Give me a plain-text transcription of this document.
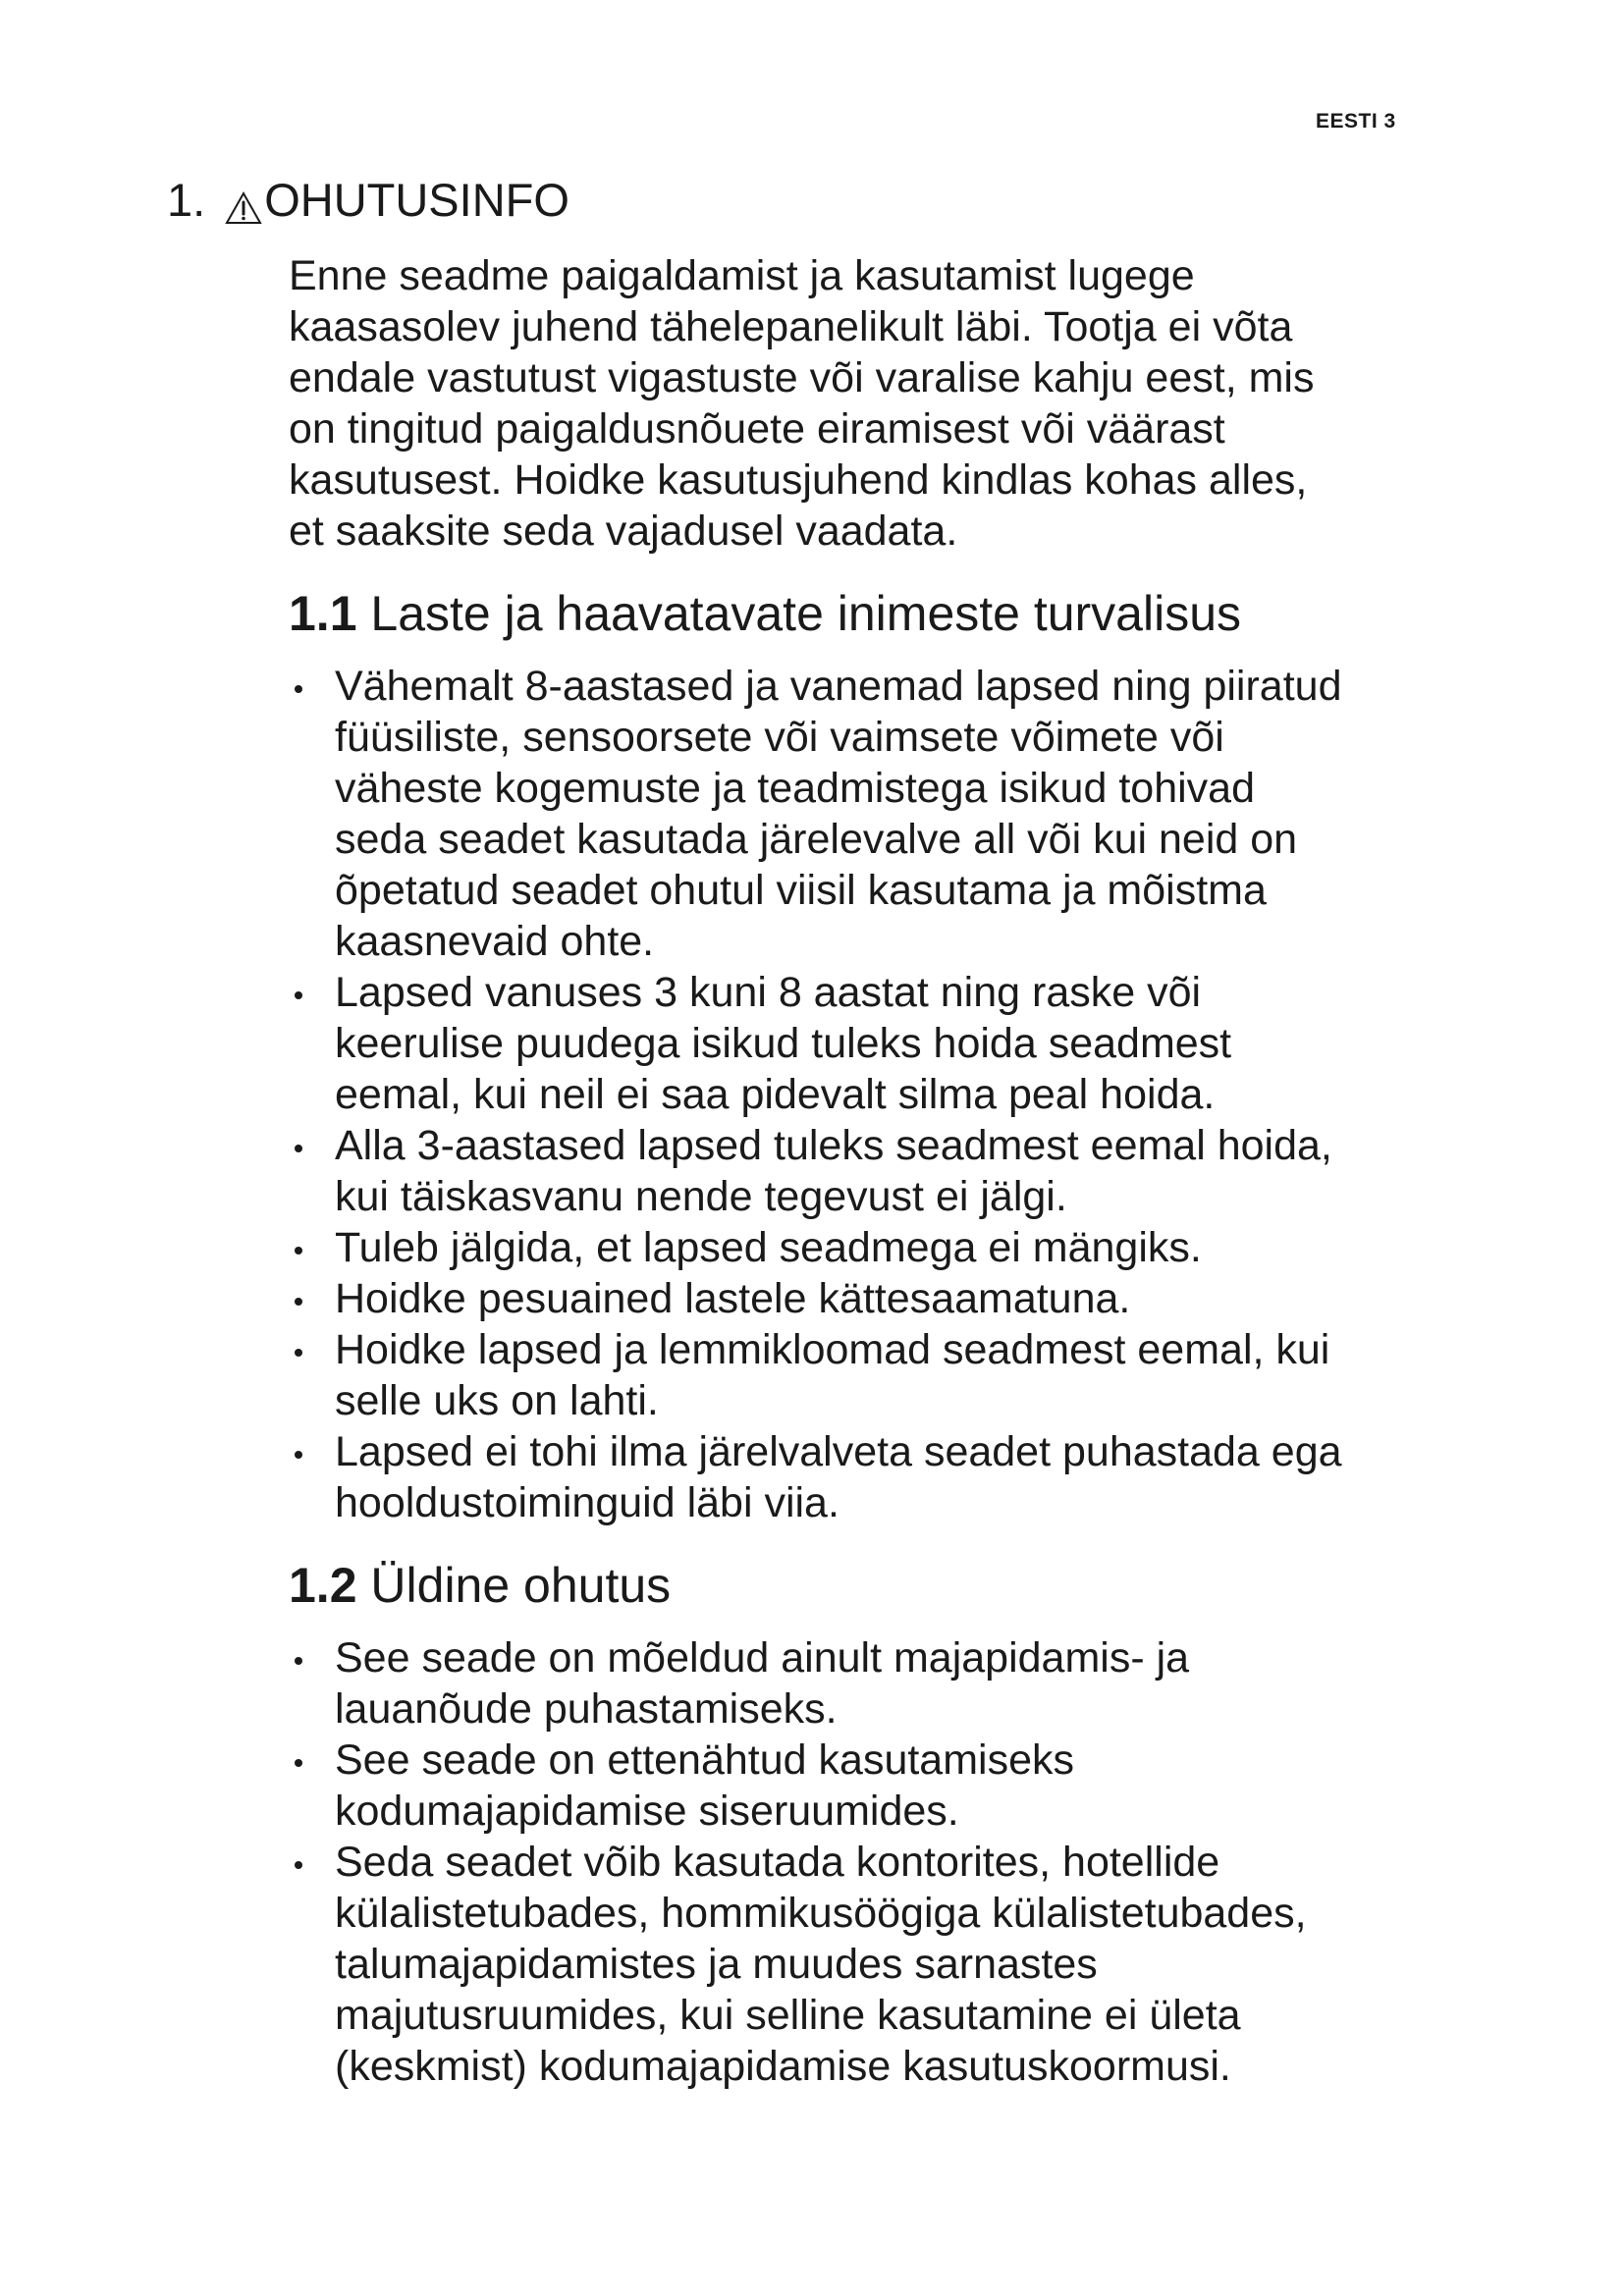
EESTI 3
1. OHUTUSINFO

Enne seadme paigaldamist ja kasutamist lugege

kaasasolev juhend tähelepanelikult läbi. Tootja ei võta

endale vastutust vigastuste või varalise kahju eest, mis

on tingitud paigaldusnõuete eiramisest või väärast

kasutusest. Hoidke kasutusjuhend kindlas kohas alles,

et saaksite seda vajadusel vaadata.

1.1 Laste ja haavatavate inimeste turvalisus
Vähemalt 8-aastased ja vanemad lapsed ning piiratud
füüsiliste, sensoorsete või vaimsete võimete või
väheste kogemuste ja teadmistega isikud tohivad
seda seadet kasutada järelevalve all või kui neid on
õpetatud seadet ohutul viisil kasutama ja mõistma
kaasnevaid ohte.
Lapsed vanuses 3 kuni 8 aastat ning raske või
keerulise puudega isikud tuleks hoida seadmest
eemal, kui neil ei saa pidevalt silma peal hoida.
Alla 3-aastased lapsed tuleks seadmest eemal hoida,
kui täiskasvanu nende tegevust ei jälgi.
Tuleb jälgida, et lapsed seadmega ei mängiks.
Hoidke pesuained lastele kättesaamatuna.
Hoidke lapsed ja lemmikloomad seadmest eemal, kui
selle uks on lahti.
Lapsed ei tohi ilma järelvalveta seadet puhastada ega
hooldustoiminguid läbi viia.
1.2 Üldine ohutus
See seade on mõeldud ainult majapidamis- ja
lauanõude puhastamiseks.
See seade on ettenähtud kasutamiseks
kodumajapidamise siseruumides.
Seda seadet võib kasutada kontorites, hotellide
külalistetubades, hommikusöögiga külalistetubades,
talumajapidamistes ja muudes sarnastes
majutusruumides, kui selline kasutamine ei ületa
(keskmist) kodumajapidamise kasutuskoormusi.
